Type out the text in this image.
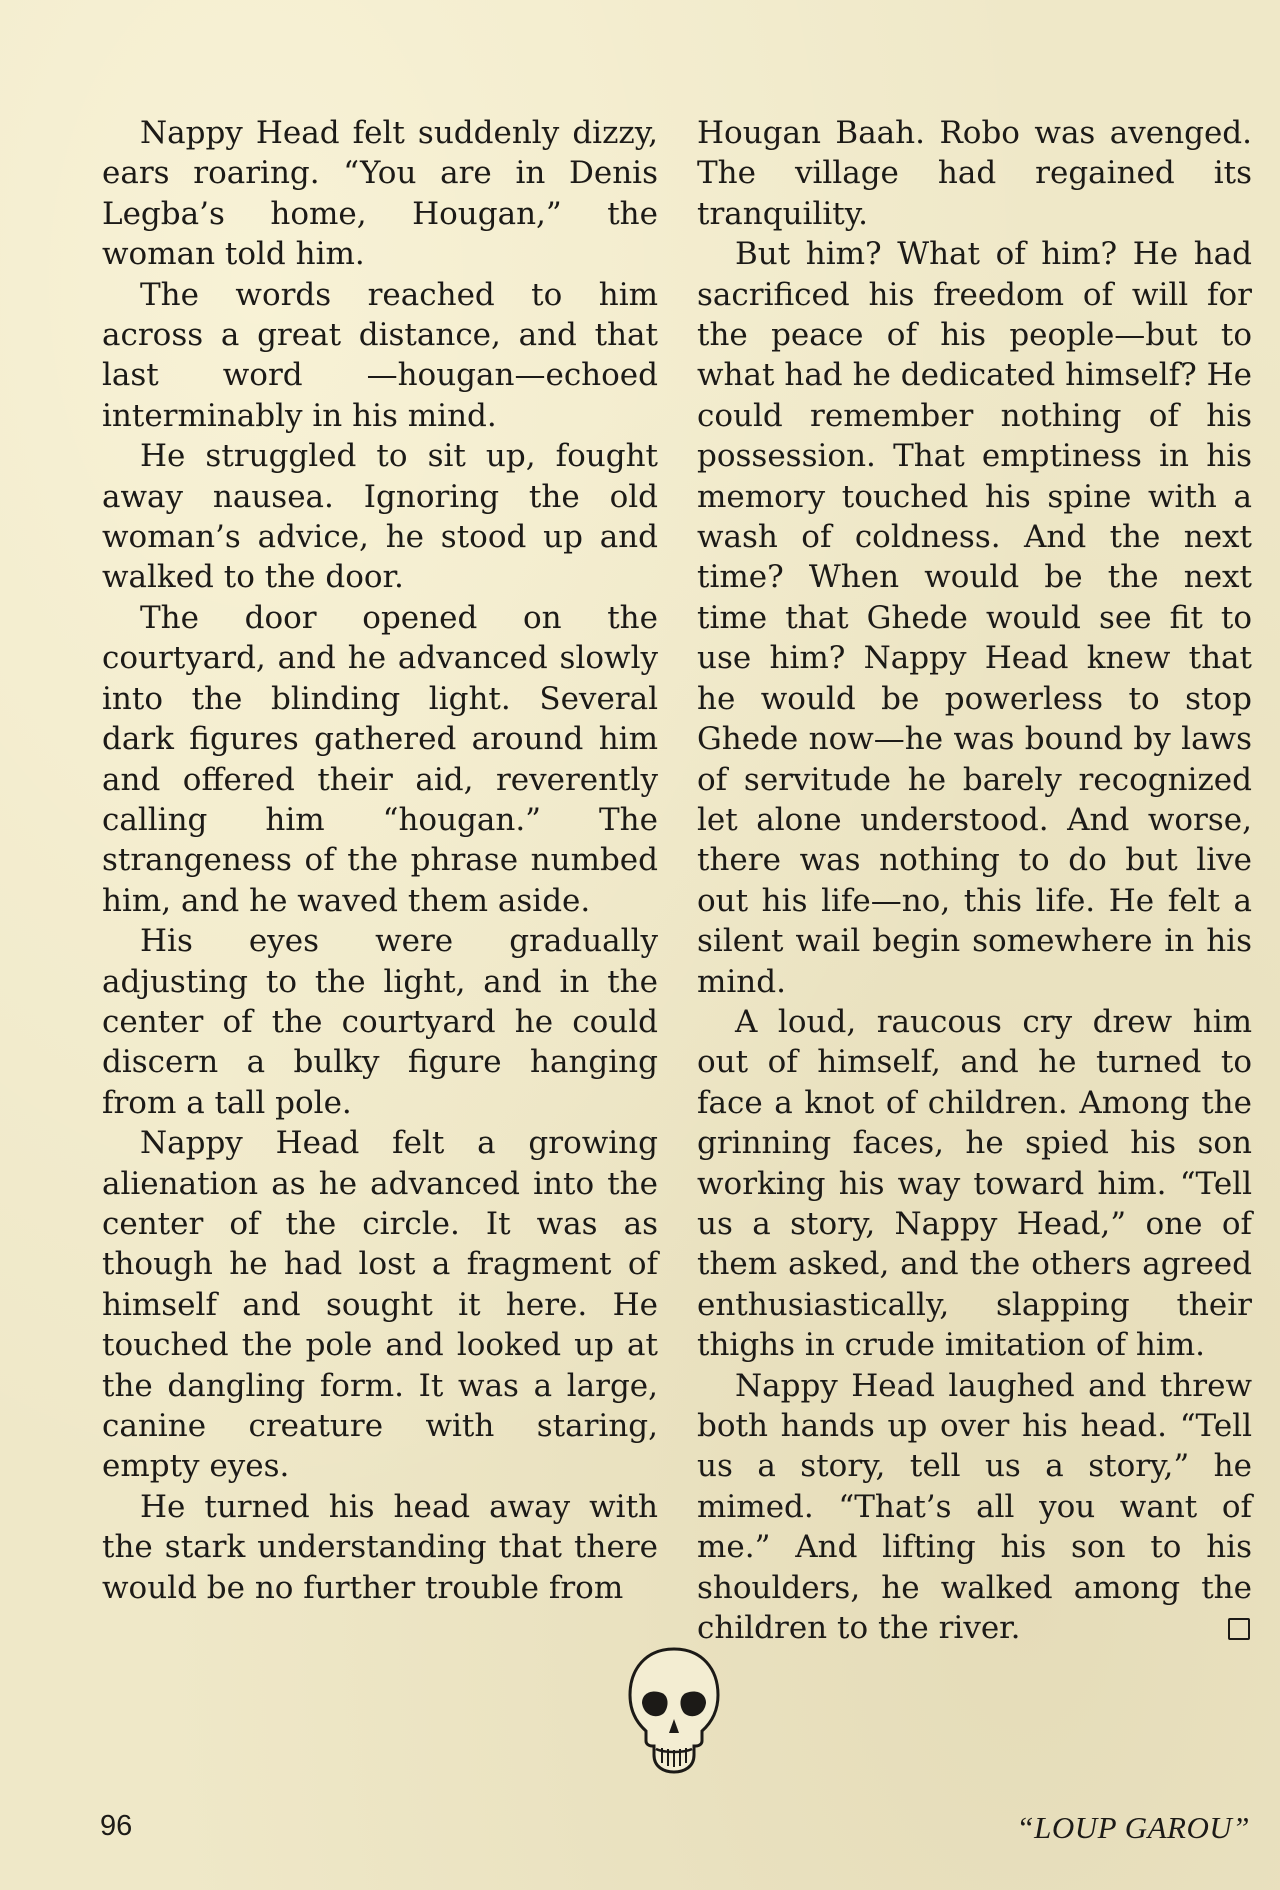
Nappy Head felt suddenly dizzy, ears roaring. “You are in Denis Legba’s home, Hougan,” the woman told him.

The words reached to him across a great distance, and that last word —hougan—echoed interminably in his mind.

He struggled to sit up, fought away nausea. Ignoring the old woman’s advice, he stood up and walked to the door.

The door opened on the courtyard, and he advanced slowly into the blinding light. Several dark figures gathered around him and offered their aid, reverently calling him “hougan.” The strangeness of the phrase numbed him, and he waved them aside.

His eyes were gradually adjusting to the light, and in the center of the courtyard he could discern a bulky figure hanging from a tall pole.

Nappy Head felt a growing alienation as he advanced into the center of the circle. It was as though he had lost a fragment of himself and sought it here. He touched the pole and looked up at the dangling form. It was a large, canine creature with staring, empty eyes.

He turned his head away with the stark understanding that there would be no further trouble from

Hougan Baah. Robo was avenged. The village had regained its tranquility.

But him? What of him? He had sacrificed his freedom of will for the peace of his people—but to what had he dedicated himself? He could remember nothing of his possession. That emptiness in his memory touched his spine with a wash of coldness. And the next time? When would be the next time that Ghede would see fit to use him? Nappy Head knew that he would be powerless to stop Ghede now—he was bound by laws of servitude he barely recognized let alone understood. And worse, there was nothing to do but live out his life—no, this life. He felt a silent wail begin somewhere in his mind.

A loud, raucous cry drew him out of himself, and he turned to face a knot of children. Among the grinning faces, he spied his son working his way toward him. “Tell us a story, Nappy Head,” one of them asked, and the others agreed enthusiastically, slapping their thighs in crude imitation of him.

Nappy Head laughed and threw both hands up over his head. “Tell us a story, tell us a story,” he mimed. “That’s all you want of me.” And lifting his son to his shoulders, he walked among the children to the river.

96	“LOUP GAROU”
